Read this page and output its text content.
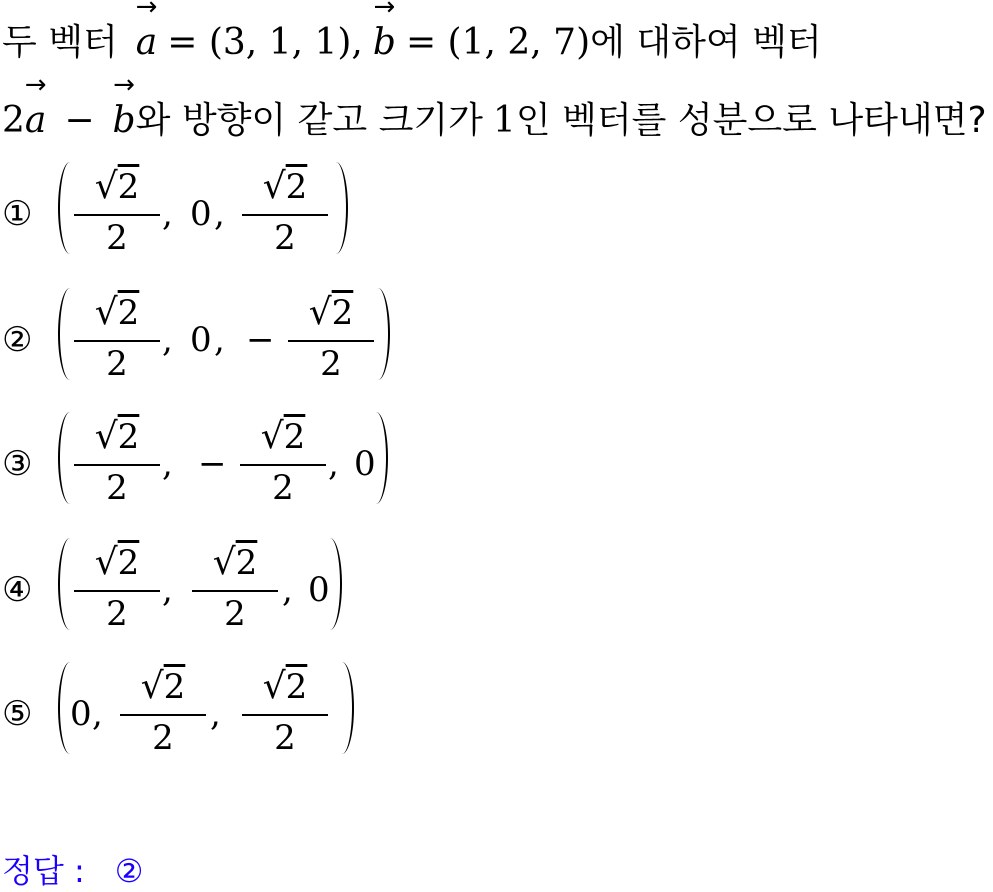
두 벡터
→
a = (3, 1, 1),
→
b = (1, 2, 7) 에 대하여 벡터
2
→
a −
→
b 와 방향이 같고 크기가 1 인 벡터를 성분으로 나타내면?
①
√2
2
, 0 ,
√2
2
②
√2
2
, 0 , −
√2
2
③
√2
2
, −
√2
2
, 0
④
√2
2
,
√2
2
, 0
⑤ 0 ,
√2
2
,
√2
2
정답 : ②
